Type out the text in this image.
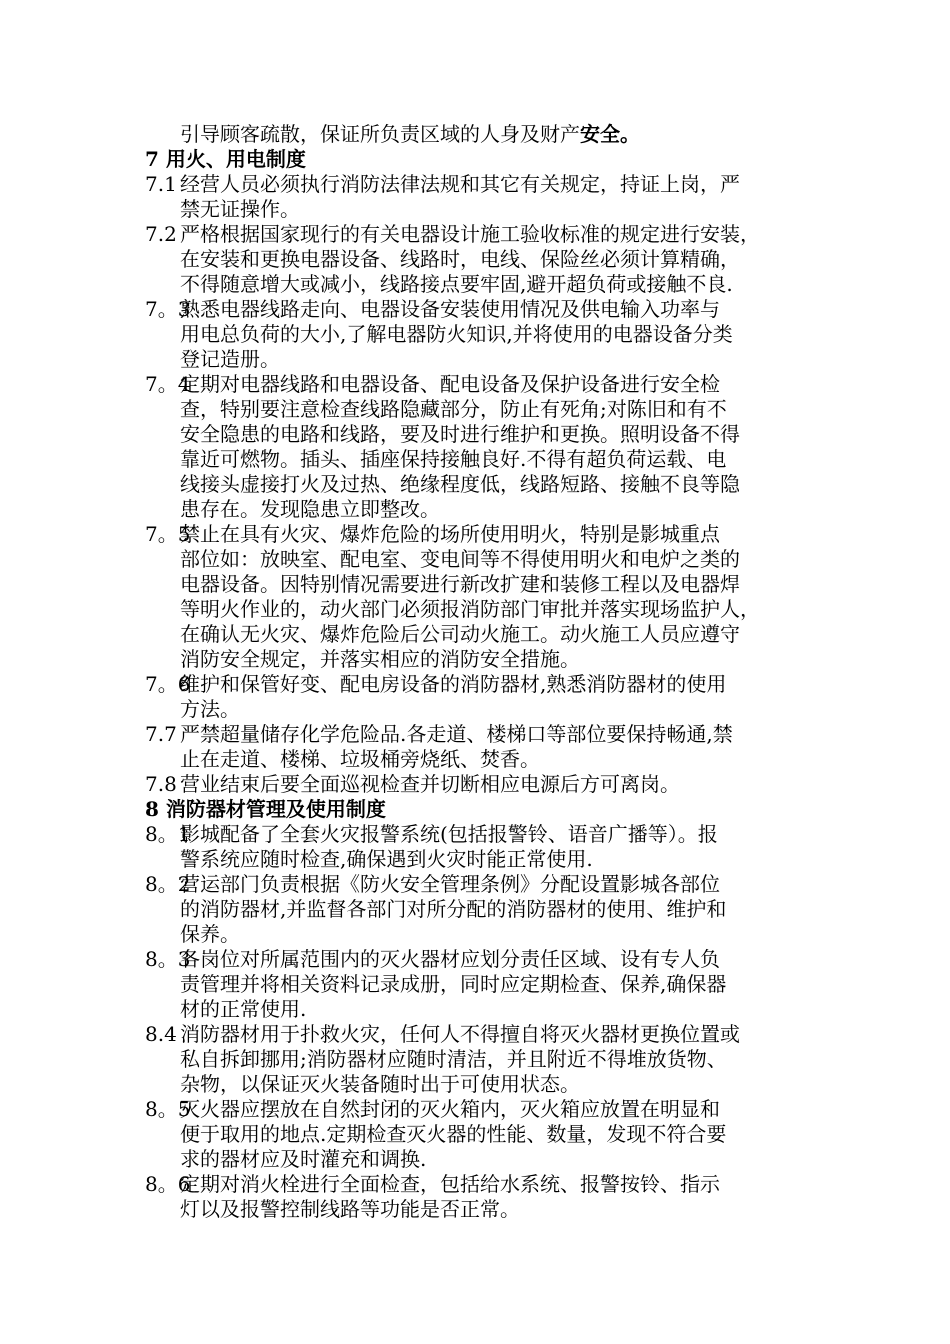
引导顾客疏散，保证所负责区域的人身及财产安全。
7 用火、用电制度
7.1 经营人员必须执行消防法律法规和其它有关规定，持证上岗，严
禁无证操作。
7.2 严格根据国家现行的有关电器设计施工验收标准的规定进行安装，
在安装和更换电器设备、线路时，电线、保险丝必须计算精确，
不得随意增大或减小，线路接点要牢固,避开超负荷或接触不良.
7。3
熟悉电器线路走向、电器设备安装使用情况及供电输入功率与
用电总负荷的大小,了解电器防火知识,并将使用的电器设备分类
登记造册。
7。4
定期对电器线路和电器设备、配电设备及保护设备进行安全检
查，特别要注意检查线路隐藏部分，防止有死角;对陈旧和有不
安全隐患的电路和线路，要及时进行维护和更换。照明设备不得
靠近可燃物。插头、插座保持接触良好.不得有超负荷运载、电
线接头虚接打火及过热、绝缘程度低，线路短路、接触不良等隐
患存在。发现隐患立即整改。
7。5
禁止在具有火灾、爆炸危险的场所使用明火，特别是影城重点
部位如：放映室、配电室、变电间等不得使用明火和电炉之类的
电器设备。因特别情况需要进行新改扩建和装修工程以及电器焊
等明火作业的，动火部门必须报消防部门审批并落实现场监护人，
在确认无火灾、爆炸危险后公司动火施工。动火施工人员应遵守
消防安全规定，并落实相应的消防安全措施。
7。6
维护和保管好变、配电房设备的消防器材,熟悉消防器材的使用
方法。
7.7 严禁超量储存化学危险品.各走道、楼梯口等部位要保持畅通,禁
止在走道、楼梯、垃圾桶旁烧纸、焚香。
7.8 营业结束后要全面巡视检查并切断相应电源后方可离岗。
8 消防器材管理及使用制度
8。1
影城配备了全套火灾报警系统(包括报警铃、语音广播等）。报
警系统应随时检查,确保遇到火灾时能正常使用.
8。2
营运部门负责根据《防火安全管理条例》分配设置影城各部位
的消防器材,并监督各部门对所分配的消防器材的使用、维护和
保养。
8。3
各岗位对所属范围内的灭火器材应划分责任区域、设有专人负
责管理并将相关资料记录成册，同时应定期检查、保养,确保器
材的正常使用.
8.4 消防器材用于扑救火灾，任何人不得擅自将灭火器材更换位置或
私自拆卸挪用;消防器材应随时清洁，并且附近不得堆放货物、
杂物，以保证灭火装备随时出于可使用状态。
8。5
灭火器应摆放在自然封闭的灭火箱内，灭火箱应放置在明显和
便于取用的地点.定期检查灭火器的性能、数量，发现不符合要
求的器材应及时灌充和调换.
8。6
定期对消火栓进行全面检查，包括给水系统、报警按铃、指示
灯以及报警控制线路等功能是否正常。
